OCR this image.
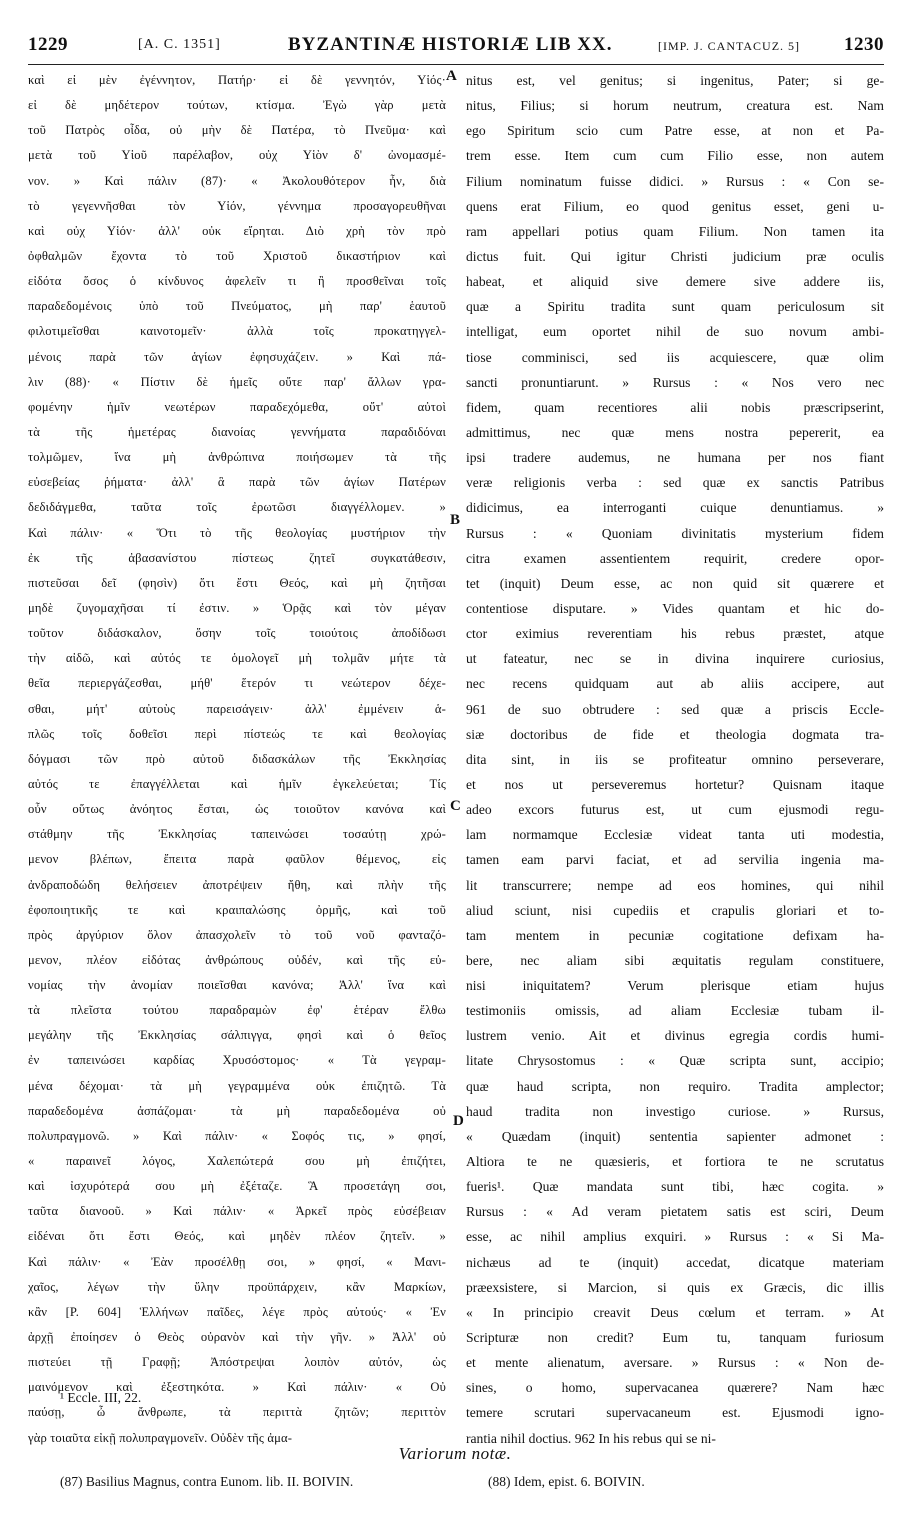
1229	[A. C. 1351]	BYZANTINÆ HISTORIÆ LIB XX.	[IMP. J. CANTACUZ. 5] 1230
καὶ εἰ μὲν ἐγέννητον, Πατήρ· εἰ δὲ γεννητόν, Υἱός·
εἰ δὲ μηδέτερον τούτων, κτίσμα. Ἐγὼ γὰρ μετὰ
τοῦ Πατρὸς οἶδα, οὐ μὴν δὲ Πατέρα, τὸ Πνεῦμα· καὶ
μετὰ τοῦ Υἱοῦ παρέλαβον, οὐχ Υἱὸν δ' ὠνομασμέ-
νον. » Καὶ πάλιν (87)· « Ἀκολουθότερον ἦν, διὰ
τὸ γεγεννῆσθαι τὸν Υἱόν, γέννημα προσαγορευθῆναι
καὶ οὐχ Υἱόν· ἀλλ' οὐκ εἴρηται. Διὸ χρὴ τὸν πρὸ
ὀφθαλμῶν ἔχοντα τὸ τοῦ Χριστοῦ δικαστήριον καὶ
εἰδότα ὅσος ὁ κίνδυνος ἀφελεῖν τι ἢ προσθεῖναι τοῖς
παραδεδομένοις ὑπὸ τοῦ Πνεύματος, μὴ παρ' ἑαυτοῦ
φιλοτιμεῖσθαι καινοτομεῖν· ἀλλὰ τοῖς προκατηγγελ-
μένοις παρὰ τῶν ἁγίων ἐφησυχάζειν. » Καὶ πά-
λιν (88)· « Πίστιν δὲ ἡμεῖς οὔτε παρ' ἄλλων γρα-
φομένην ἡμῖν νεωτέρων παραδεχόμεθα, οὔτ' αὐτοὶ
τὰ τῆς ἡμετέρας διανοίας γεννήματα παραδιδόναι
τολμῶμεν, ἵνα μὴ ἀνθρώπινα ποιήσωμεν τὰ τῆς
εὐσεβείας ῥήματα· ἀλλ' ἃ παρὰ τῶν ἁγίων Πατέρων
δεδιδάγμεθα, ταῦτα τοῖς ἐρωτῶσι διαγγέλλομεν. »
Καὶ πάλιν· « Ὅτι τὸ τῆς θεολογίας μυστήριον τὴν
ἐκ τῆς ἀβασανίστου πίστεως ζητεῖ συγκατάθεσιν,
πιστεῦσαι δεῖ (φησὶν) ὅτι ἔστι Θεός, καὶ μὴ ζητῆσαι
μηδὲ ζυγομαχῆσαι τί ἐστιν. » Ὁρᾷς καὶ τὸν μέγαν
τοῦτον διδάσκαλον, ὅσην τοῖς τοιούτοις ἀποδίδωσι
τὴν αἰδῶ, καὶ αὐτός τε ὁμολογεῖ μὴ τολμᾶν μήτε τὰ
θεῖα περιεργάζεσθαι, μήθ' ἕτερόν τι νεώτερον δέχε-
σθαι, μήτ' αὐτοὺς παρεισάγειν· ἀλλ' ἐμμένειν ἁ-
πλῶς τοῖς δοθεῖσι περὶ πίστεώς τε καὶ θεολογίας
δόγμασι τῶν πρὸ αὐτοῦ διδασκάλων τῆς Ἐκκλησίας
αὐτός τε ἐπαγγέλλεται καὶ ἡμῖν ἐγκελεύεται; Τίς
οὖν οὕτως ἀνόητος ἔσται, ὡς τοιοῦτον κανόνα καὶ
στάθμην τῆς Ἐκκλησίας ταπεινώσει τοσαύτῃ χρώ-
μενον βλέπων, ἔπειτα παρὰ φαῦλον θέμενος, εἰς
ἀνδραποδώδη θελήσειεν ἀποτρέψειν ἤθη, καὶ πλὴν τῆς
ἐφοποιητικῆς τε καὶ κραιπαλώσης ὀρμῆς, καὶ τοῦ
πρὸς ἀργύριον ὅλον ἀπασχολεῖν τὸ τοῦ νοῦ φανταζό-
μενον, πλέον εἰδότας ἀνθρώπους οὐδέν, καὶ τῆς εὐ-
νομίας τὴν ἀνομίαν ποιεῖσθαι κανόνα; Ἀλλ' ἵνα καὶ
τὰ πλεῖστα τούτου παραδραμὼν ἐφ' ἑτέραν ἔλθω
μεγάλην τῆς Ἐκκλησίας σάλπιγγα, φησὶ καὶ ὁ θεῖος
ἐν ταπεινώσει καρδίας Χρυσόστομος· « Τὰ γεγραμ-
μένα δέχομαι· τὰ μὴ γεγραμμένα οὐκ ἐπιζητῶ. Τὰ
παραδεδομένα ἀσπάζομαι· τὰ μὴ παραδεδομένα οὐ
πολυπραγμονῶ. » Καὶ πάλιν· « Σοφός τις, » φησί,
« παραινεῖ λόγος, Χαλεπώτερά σου μὴ ἐπιζήτει,
καὶ ἰσχυρότερά σου μὴ ἐξέταζε. Ἃ προσετάγη σοι,
ταῦτα διανοοῦ. » Καὶ πάλιν· « Ἀρκεῖ πρὸς εὐσέβειαν
εἰδέναι ὅτι ἔστι Θεός, καὶ μηδὲν πλέον ζητεῖν. »
Καὶ πάλιν· « Ἐὰν προσέλθῃ σοι, » φησί, « Μανι-
χαῖος, λέγων τὴν ὕλην προϋπάρχειν, κἂν Μαρκίων,
κἂν [P. 604] Ἑλλήνων παῖδες, λέγε πρὸς αὐτούς· « Ἐν
ἀρχῇ ἐποίησεν ὁ Θεὸς οὐρανὸν καὶ τὴν γῆν. » Ἀλλ' οὐ
πιστεύει τῇ Γραφῇ; Ἀπόστρεψαι λοιπὸν αὐτόν, ὡς
μαινόμενον καὶ ἐξεστηκότα. » Καὶ πάλιν· « Οὐ
παύσῃ, ὦ ἄνθρωπε, τὰ περιττὰ ζητῶν; περιττὸν
γὰρ τοιαῦτα εἰκῇ πολυπραγμονεῖν. Οὐδὲν τῆς ἀμα-
nitus est, vel genitus; si ingenitus, Pater; si ge-
nitus, Filius; si horum neutrum, creatura est. Nam
ego Spiritum scio cum Patre esse, at non et Pa-
trem esse. Item cum cum Filio esse, non autem
Filium nominatum fuisse didici. » Rursus : « Con se-
quens erat Filium, eo quod genitus esset, geni u-
ram appellari potius quam Filium. Non tamen ita
dictus fuit. Qui igitur Christi judicium præ oculis
habeat, et aliquid sive demere sive addere iis,
quæ a Spiritu tradita sunt quam periculosum sit
intelligat, eum oportet nihil de suo novum ambi-
tiose comminisci, sed iis acquiescere, quæ olim
sancti pronuntiarunt. » Rursus : « Nos vero nec
fidem, quam recentiores alii nobis præscripserint,
admittimus, nec quæ mens nostra pepererit, ea
ipsi tradere audemus, ne humana per nos fiant
veræ religionis verba : sed quæ ex sanctis Patribus
didicimus, ea interroganti cuique denuntiamus. »
Rursus : « Quoniam divinitatis mysterium fidem
citra examen assentientem requirit, credere opor-
tet (inquit) Deum esse, ac non quid sit quærere et
contentiose disputare. » Vides quantam et hic do-
ctor eximius reverentiam his rebus præstet, atque
ut fateatur, nec se in divina inquirere curiosius,
nec recens quidquam aut ab aliis accipere, aut
961 de suo obtrudere : sed quæ a priscis Eccle-
siæ doctoribus de fide et theologia dogmata tra-
dita sint, in iis se profiteatur omnino perseverare,
et nos ut perseveremus hortetur? Quisnam itaque
adeo excors futurus est, ut cum ejusmodi regu-
lam normamque Ecclesiæ videat tanta uti modestia,
tamen eam parvi faciat, et ad servilia ingenia ma-
lit transcurrere; nempe ad eos homines, qui nihil
aliud sciunt, nisi cupediis et crapulis gloriari et to-
tam mentem in pecuniæ cogitatione defixam ha-
bere, nec aliam sibi æquitatis regulam constituere,
nisi iniquitatem? Verum plerisque etiam hujus
testimoniis omissis, ad aliam Ecclesiæ tubam il-
lustrem venio. Ait et divinus egregia cordis humi-
litate Chrysostomus : « Quæ scripta sunt, accipio;
quæ haud scripta, non requiro. Tradita amplector;
haud tradita non investigo curiose. » Rursus,
« Quædam (inquit) sententia sapienter admonet :
Altiora te ne quæsieris, et fortiora te ne scrutatus
fueris¹. Quæ mandata sunt tibi, hæc cogita. »
Rursus : « Ad veram pietatem satis est sciri, Deum
esse, ac nihil amplius exquiri. » Rursus : « Si Ma-
nichæus ad te (inquit) accedat, dicatque materiam
præexsistere, si Marcion, si quis ex Græcis, dic illis
« In principio creavit Deus cœlum et terram. » At
Scripturæ non credit? Eum tu, tanquam furiosum
et mente alienatum, aversare. » Rursus : « Non de-
sines, o homo, supervacanea quærere? Nam hæc
temere scrutari supervacaneum est. Ejusmodi igno-
rantia nihil doctius. 962 In his rebus qui se ni-
A
B
C
D
¹ Eccle. III, 22.
Variorum notæ.
(87) Basilius Magnus, contra Eunom. lib. II. BOIVIN.	(88) Idem, epist. 6. BOIVIN.
